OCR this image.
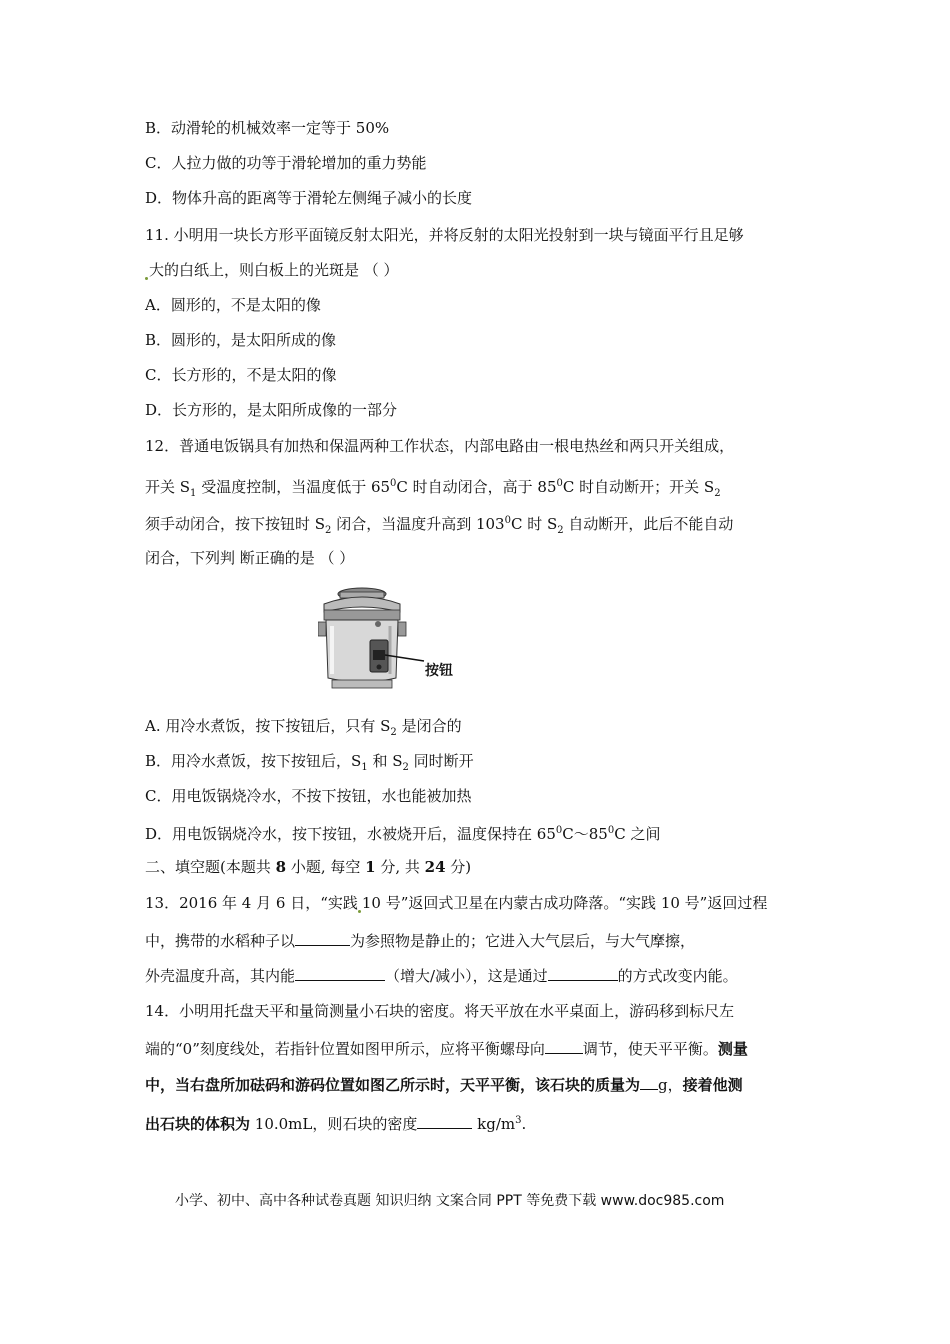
B．动滑轮的机械效率一定等于 50%
C．人拉力做的功等于滑轮增加的重力势能
D．物体升高的距离等于滑轮左侧绳子减小的长度
11. 小明用一块长方形平面镜反射太阳光，并将反射的太阳光投射到一块与镜面平行且足够
大的白纸上，则白板上的光斑是 （ ）
A．圆形的，不是太阳的像
B．圆形的，是太阳所成的像
C．长方形的，不是太阳的像
D．长方形的，是太阳所成像的一部分
12．普通电饭锅具有加热和保温两种工作状态，内部电路由一根电热丝和两只开关组成，
开关 $S_1$ 受温度控制，当温度低于 $65^0C$ 时自动闭合，高于 $85^0C$ 时自动断开；开关 $S_2$
须手动闭合，按下按钮时 $S_2$ 闭合，当温度升高到 $103^0C$ 时 $S_2$ 自动断开，此后不能自动
闭合，下列判 断正确的是 （ ）
按钮
A. 用冷水煮饭，按下按钮后，只有 $S_2$ 是闭合的
B．用冷水煮饭，按下按钮后，$S_1$ 和 $S_2$ 同时断开
C．用电饭锅烧冷水，不按下按钮，水也能被加热
D．用电饭锅烧冷水，按下按钮，水被烧开后，温度保持在 $65^0C\sim 85^0C$ 之间
二、填空题(本题共 8 小题, 每空 1 分, 共 24 分)
13．2016 年 4 月 6 日，“实践 10 号”返回式卫星在内蒙古成功降落。“实践 10 号”返回过程
中，携带的水稻种子以	为参照物是静止的；它进入大气层后，与大气摩擦，
外壳温度升高，其内能	（增大/减小），这是通过	的方式改变内能。
14．小明用托盘天平和量筒测量小石块的密度。将天平放在水平桌面上，游码移到标尺左
端的“0”刻度线处，若指针位置如图甲所示，应将平衡螺母向	调节，使天平平衡。测量
中，当右盘所加砝码和游码位置如图乙所示时，天平平衡，该石块的质量为 g，接着他测
出石块的体积为 10.0mL，则石块的密度	$kg/m^3$.
小学、初中、高中各种试卷真题 知识归纳 文案合同 PPT 等免费下载 www.doc985.com
